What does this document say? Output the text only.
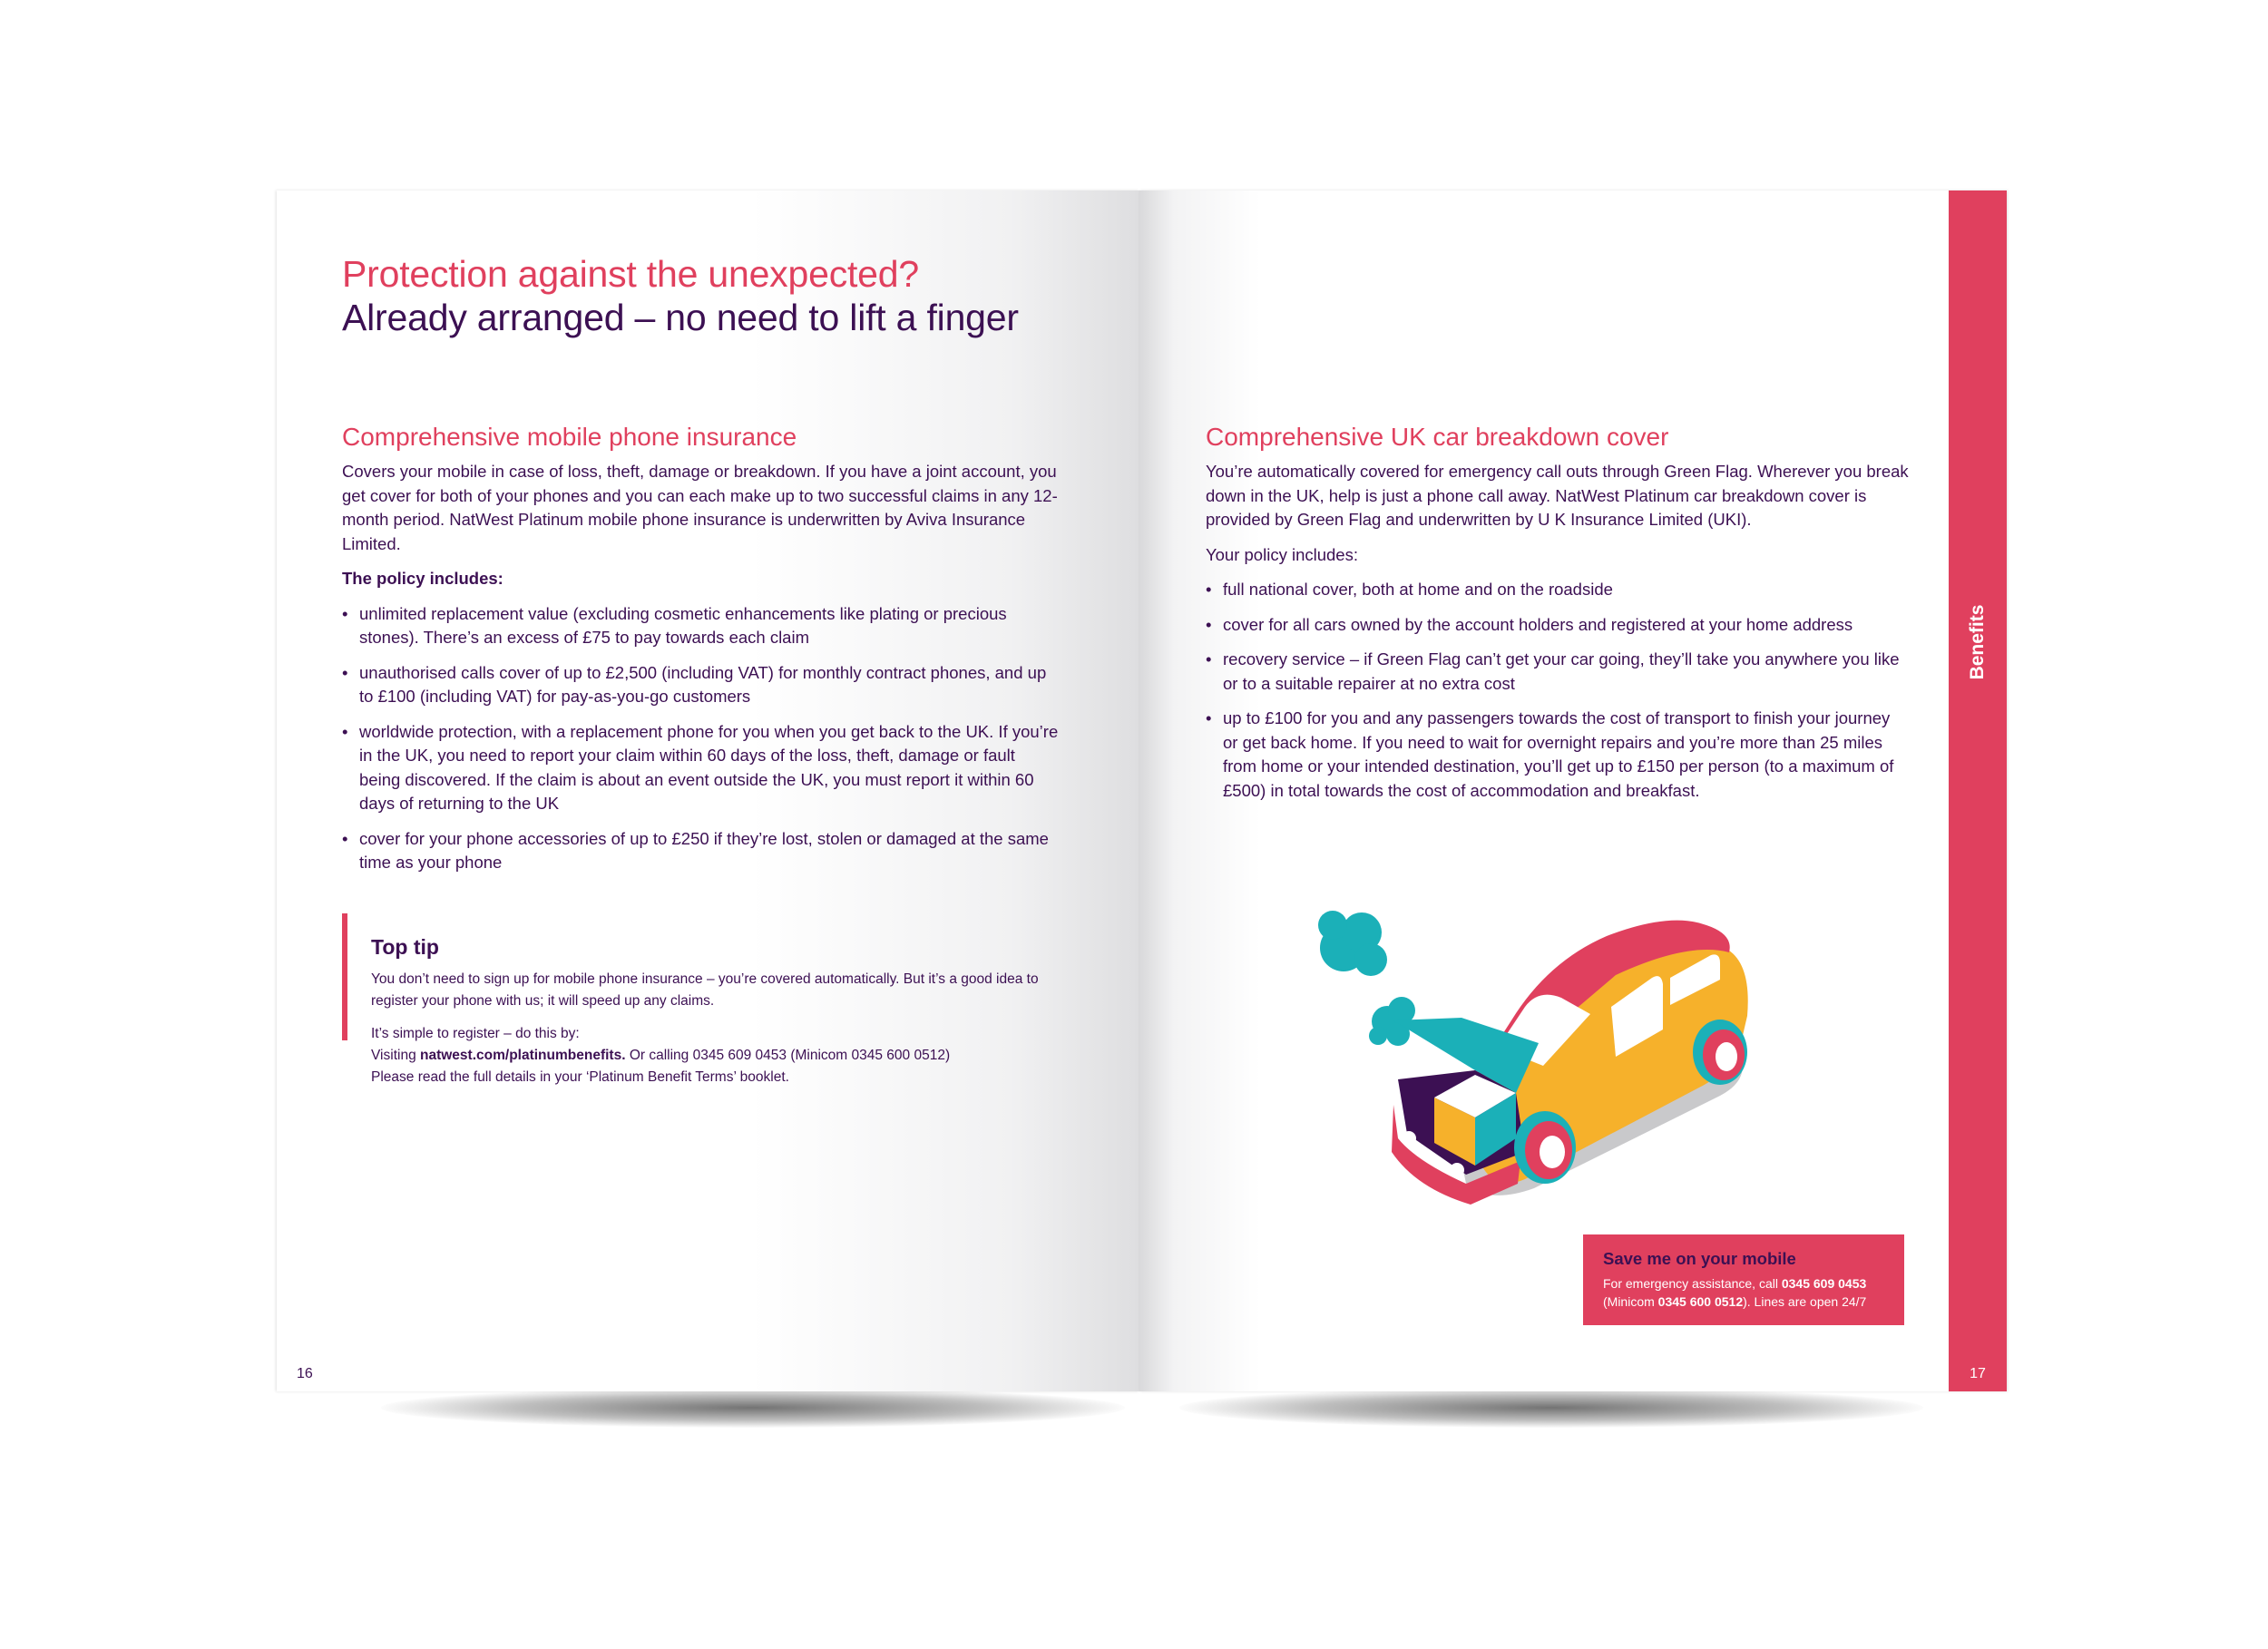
Protection against the unexpected?
Already arranged – no need to lift a finger
Comprehensive mobile phone insurance

Covers your mobile in case of loss, theft, damage or breakdown. If you have a joint account, you get cover for both of your phones and you can each make up to two successful claims in any 12-month period. NatWest Platinum mobile phone insurance is underwritten by Aviva Insurance Limited.

The policy includes:

• unlimited replacement value (excluding cosmetic enhancements like plating or precious stones). There’s an excess of £75 to pay towards each claim
• unauthorised calls cover of up to £2,500 (including VAT) for monthly contract phones, and up to £100 (including VAT) for pay-as-you-go customers
• worldwide protection, with a replacement phone for you when you get back to the UK. If you’re in the UK, you need to report your claim within 60 days of the loss, theft, damage or fault being discovered. If the claim is about an event outside the UK, you must report it within 60 days of returning to the UK
• cover for your phone accessories of up to £250 if they’re lost, stolen or damaged at the same time as your phone
Top tip

You don’t need to sign up for mobile phone insurance – you’re covered automatically. But it’s a good idea to register your phone with us; it will speed up any claims.

It’s simple to register – do this by:

Visiting natwest.com/platinumbenefits. Or calling 0345 609 0453 (Minicom 0345 600 0512)

Please read the full details in your ‘Platinum Benefit Terms’ booklet.

16
Comprehensive UK car breakdown cover

You’re automatically covered for emergency call outs through Green Flag. Wherever you break down in the UK, help is just a phone call away. NatWest Platinum car breakdown cover is provided by Green Flag and underwritten by U K Insurance Limited (UKI).

Your policy includes:

• full national cover, both at home and on the roadside
• cover for all cars owned by the account holders and registered at your home address
• recovery service – if Green Flag can’t get your car going, they’ll take you anywhere you like or to a suitable repairer at no extra cost
• up to £100 for you and any passengers towards the cost of transport to finish your journey or get back home. If you need to wait for overnight repairs and you’re more than 25 miles from home or your intended destination, you’ll get up to £150 per person (to a maximum of £500) in total towards the cost of accommodation and breakfast.
Save me on your mobile
For emergency assistance, call 0345 609 0453
(Minicom 0345 600 0512). Lines are open 24/7
Benefits
17
